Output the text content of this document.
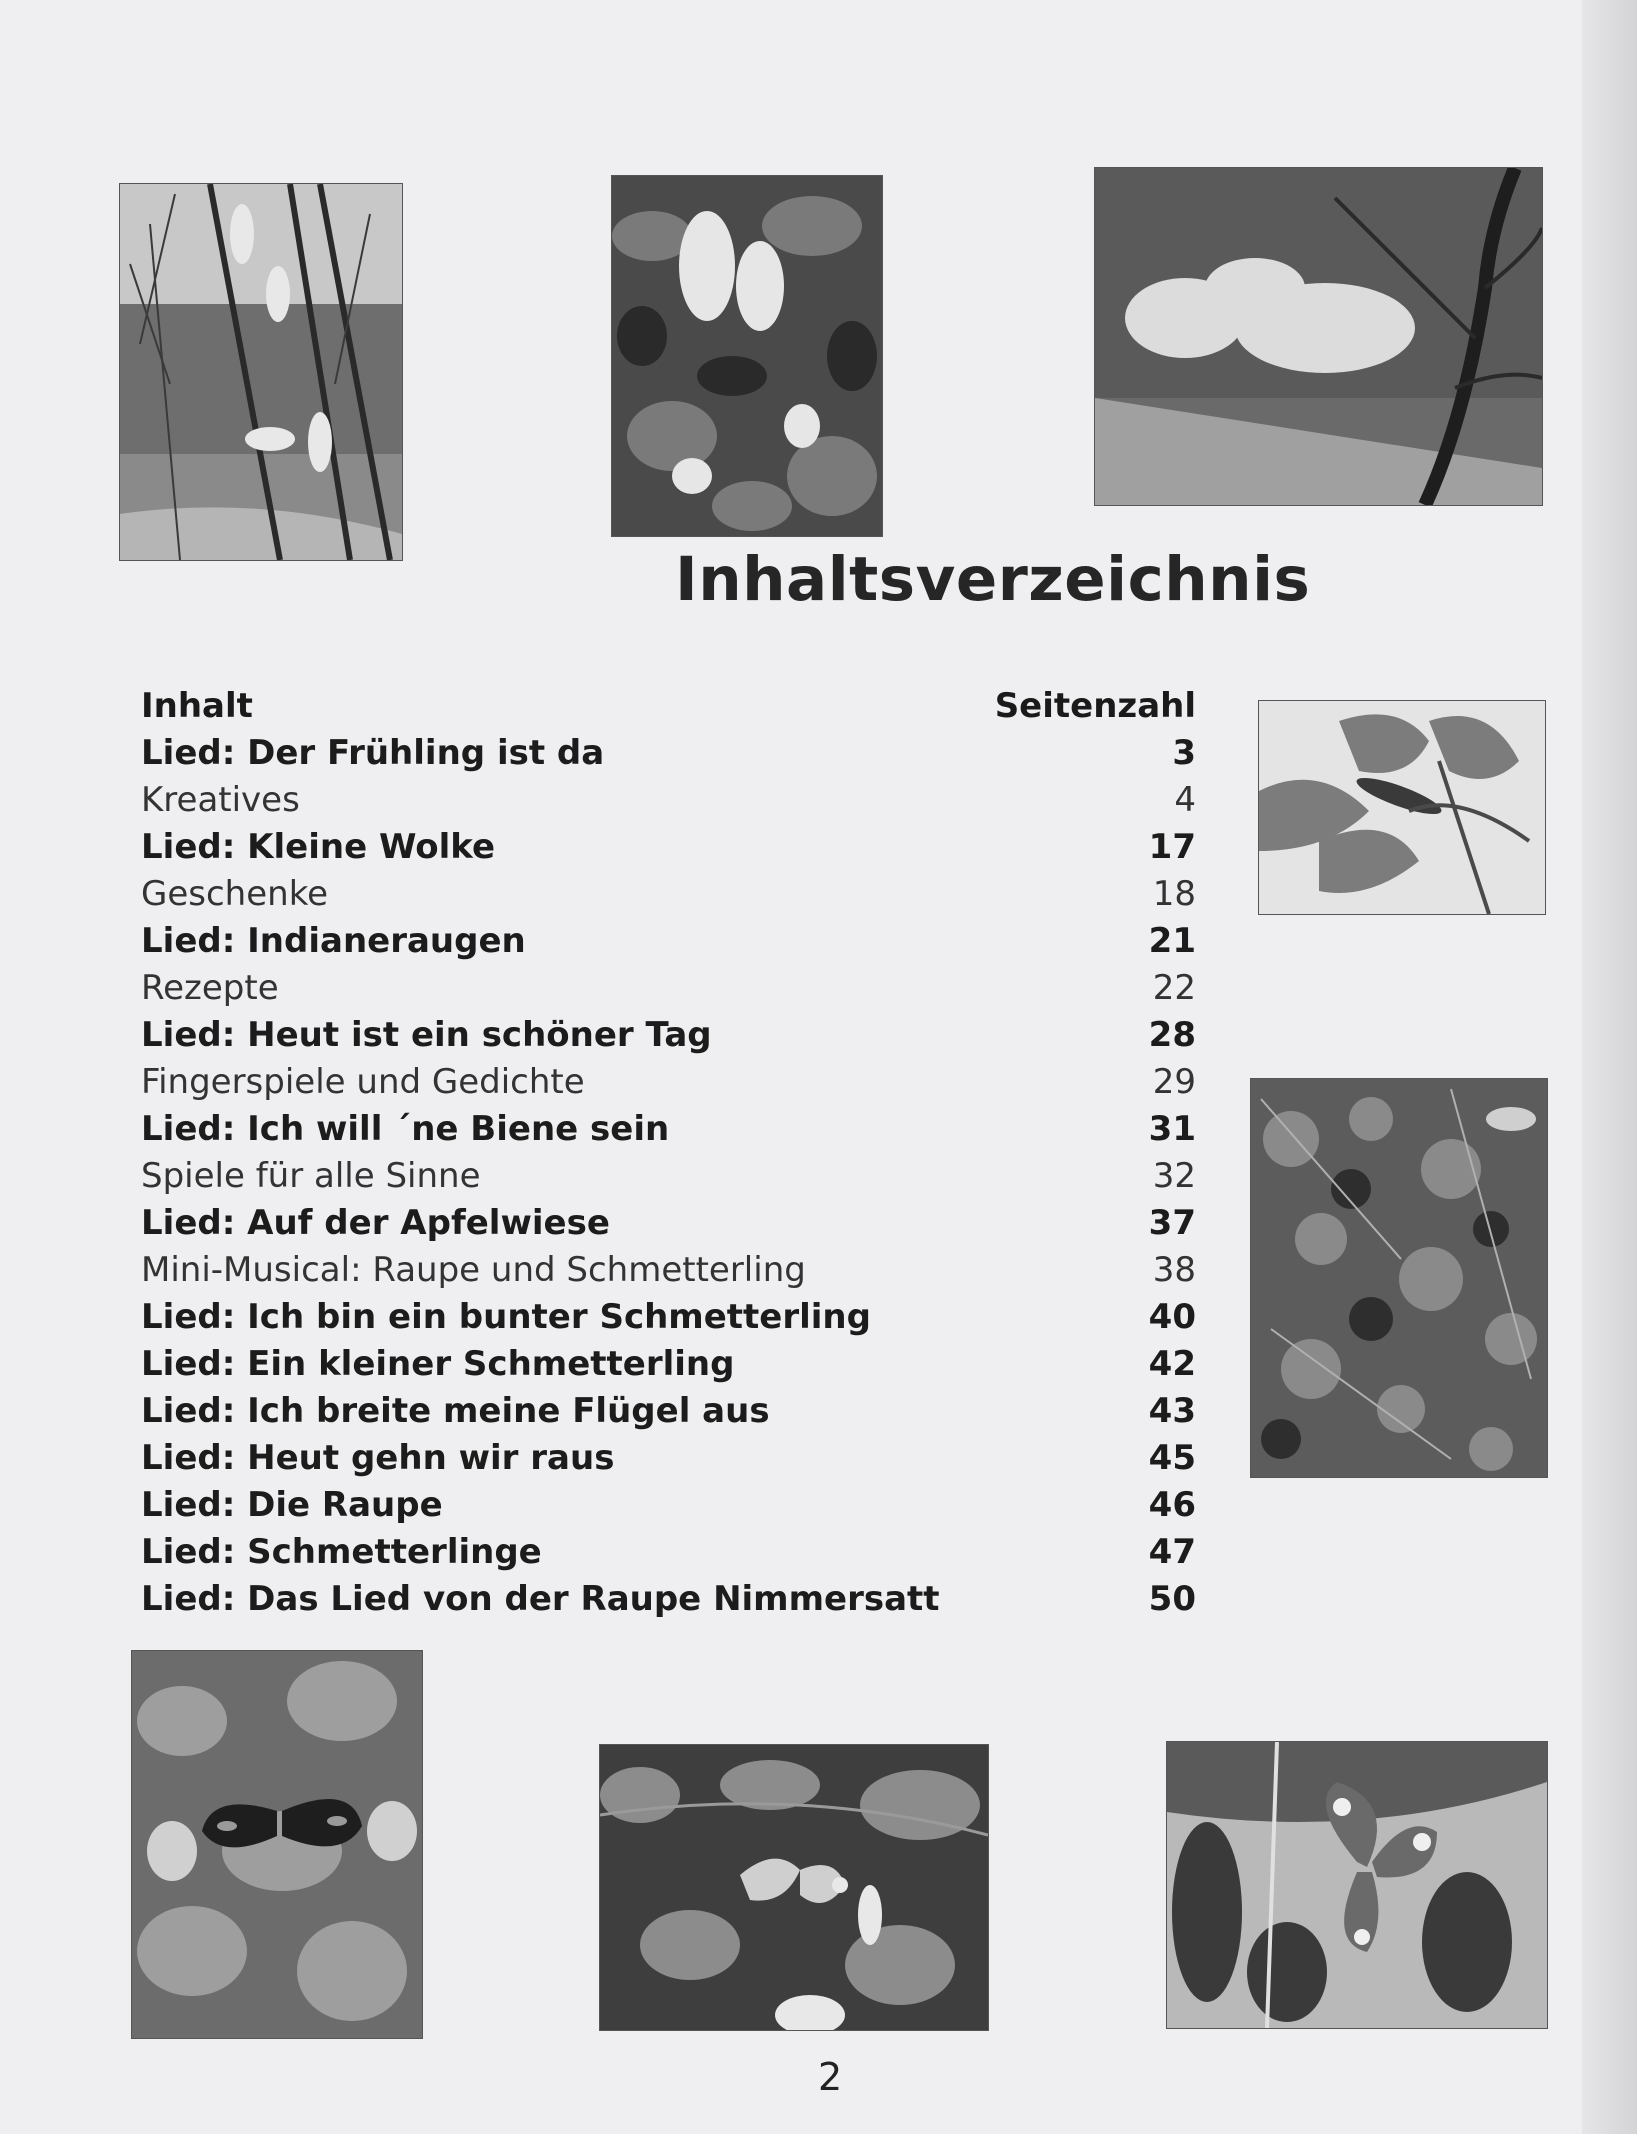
Inhaltsverzeichnis
Inhalt	Seitenzahl
Lied: Der Frühling ist da	3
Kreatives	4
Lied: Kleine Wolke	17
Geschenke	18
Lied: Indianeraugen	21
Rezepte	22
Lied: Heut ist ein schöner Tag	28
Fingerspiele und Gedichte	29
Lied: Ich will ´ne Biene sein	31
Spiele für alle Sinne	32
Lied: Auf der Apfelwiese	37
Mini-Musical: Raupe und Schmetterling	38
Lied: Ich bin ein bunter Schmetterling	40
Lied: Ein kleiner Schmetterling	42
Lied: Ich breite meine Flügel aus	43
Lied: Heut gehn wir raus	45
Lied: Die Raupe	46
Lied: Schmetterlinge	47
Lied: Das Lied von der Raupe Nimmersatt	50
2
